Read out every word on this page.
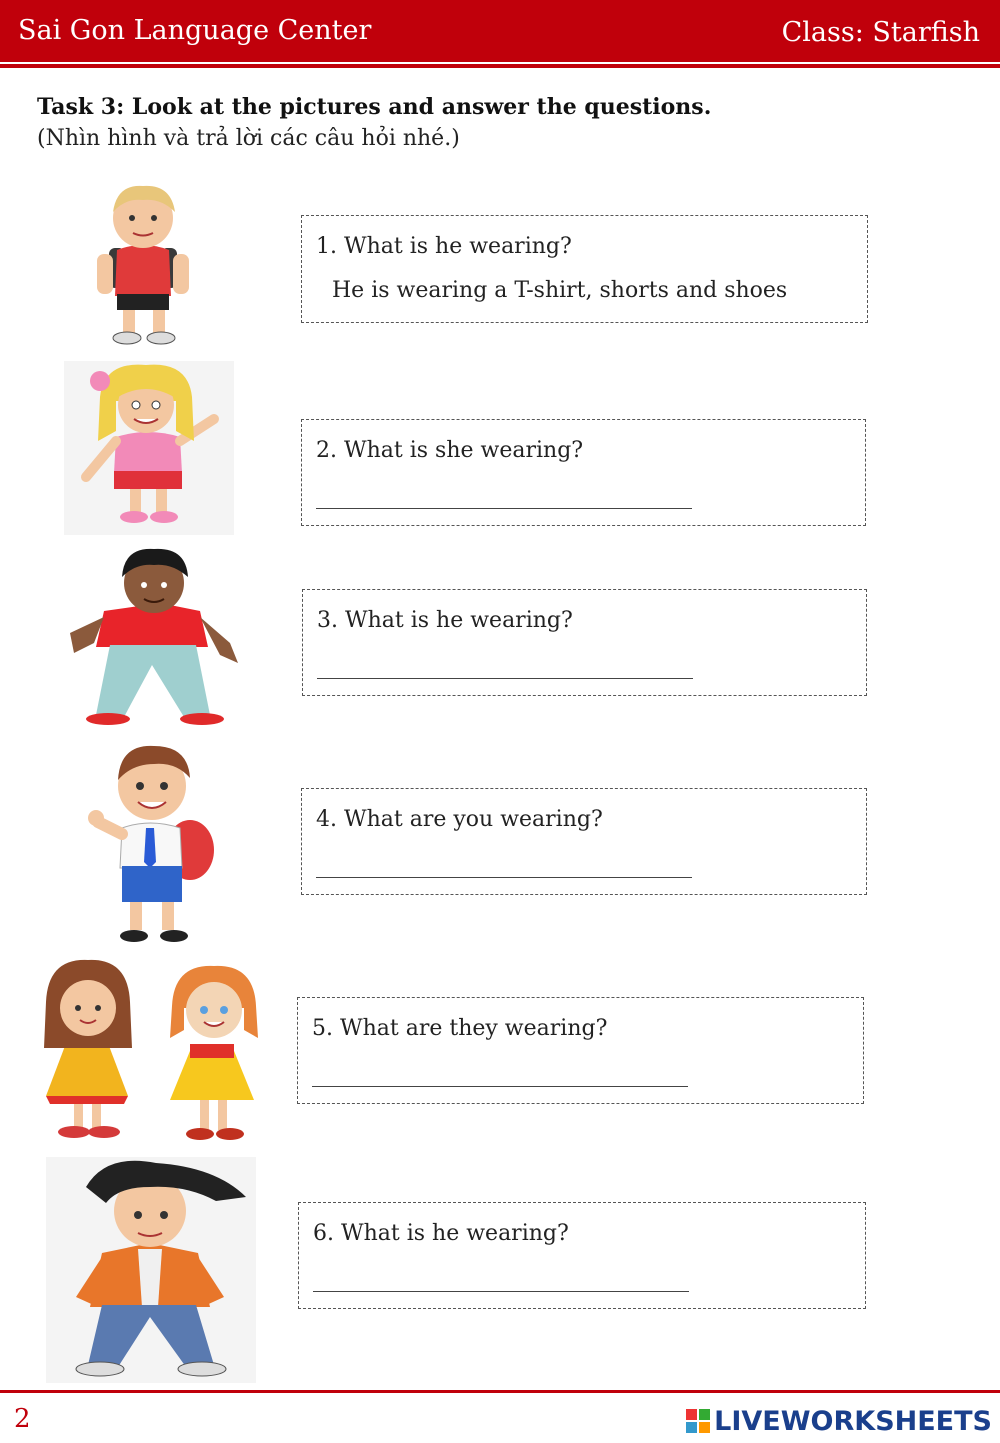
Sai Gon Language Center	Class: Starfish
Task 3: Look at the pictures and answer the questions.
(Nhìn hình và trả lời các câu hỏi nhé.)
1. What is he wearing?
He is wearing a T-shirt, shorts and shoes
2. What is she wearing?
3. What is he wearing?
4. What are you wearing?
5. What are they wearing?
6. What is he wearing?
2	LIVEWORKSHEETS
